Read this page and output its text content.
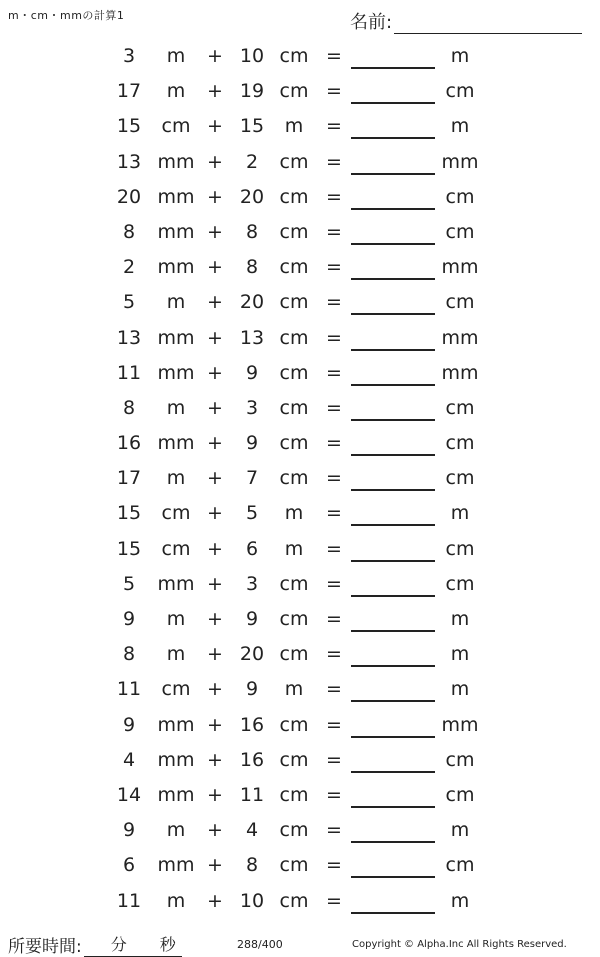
m・cm・mmの計算1	名前:
3	m	+ 10 cm =	m
17	m	+ 19 cm =	cm
15	cm + 15	m	=	m
13 mm +	2	cm =	mm
20 mm + 20 cm =	cm
8	mm +	8	cm =	cm
2	mm +	8	cm =	mm
5	m	+ 20 cm =	cm
13 mm + 13 cm =	mm
11 mm +	9	cm =	mm
8	m	+	3	cm =	cm
16 mm +	9	cm =	cm
17	m	+	7	cm =	cm
15	cm +	5	m	=	m
15	cm +	6	m	=	cm
5	mm +	3	cm =	cm
9	m	+	9	cm =	m
8	m	+ 20 cm =	m
11	cm +	9	m	=	m
9	mm + 16 cm =	mm
4	mm + 16 cm =	cm
14 mm + 11 cm =	cm
9	m	+	4	cm =	m
6	mm +	8	cm =	cm
11	m	+ 10 cm =	m
所要時間: 分 秒	288/400	Copyright © Alpha.Inc All Rights Reserved.
